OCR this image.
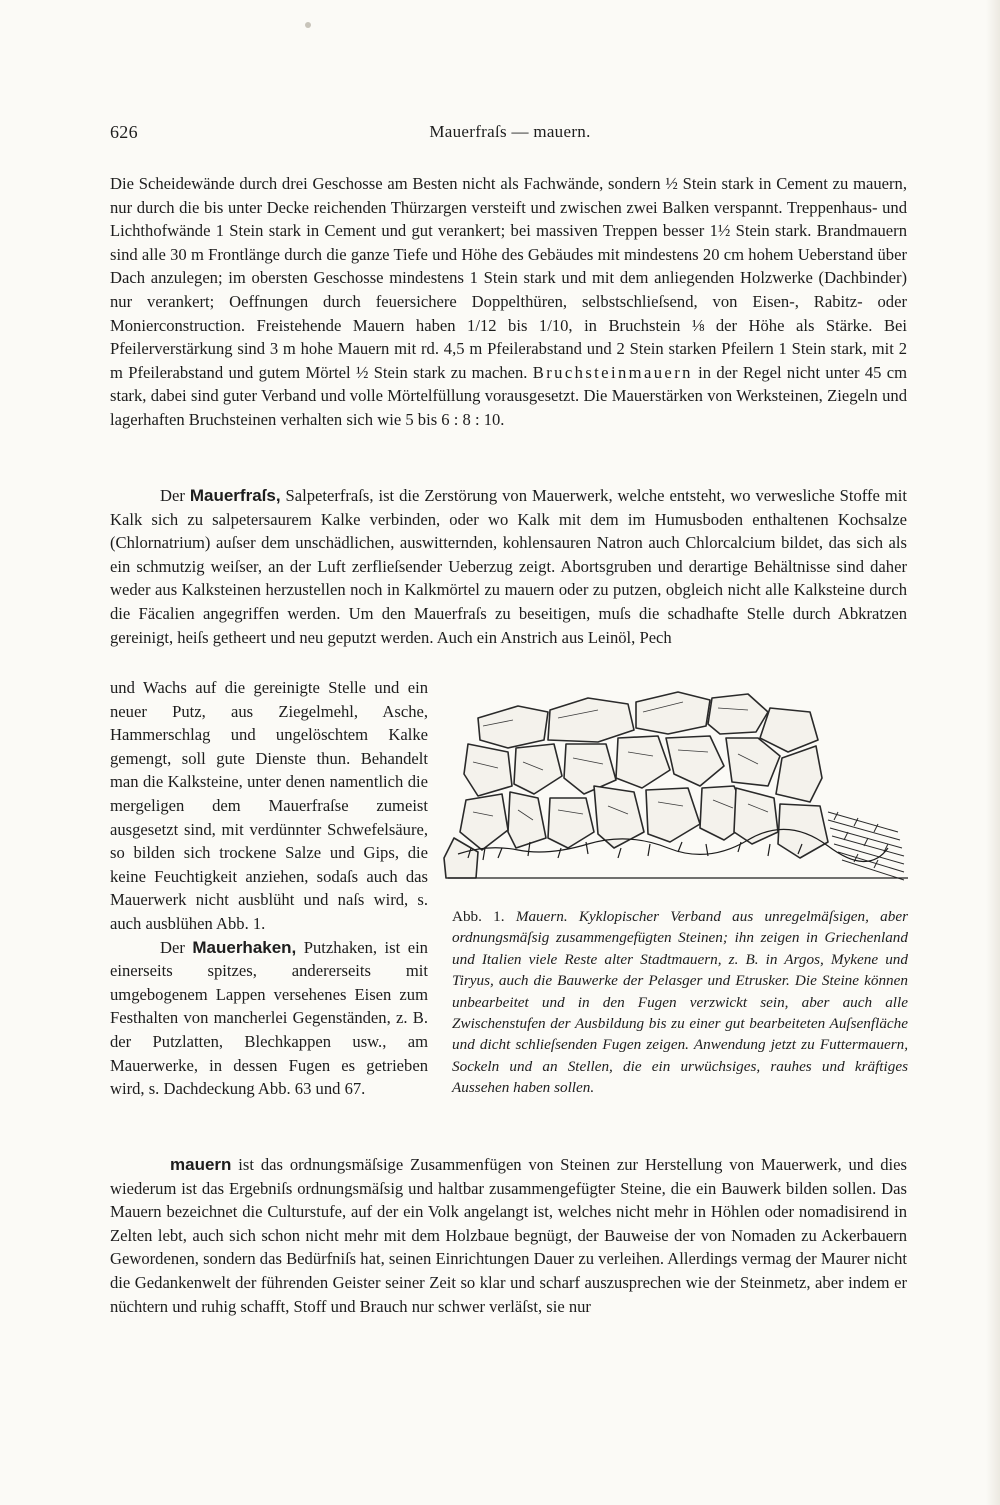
626	Mauerfraſs — mauern.

Die Scheidewände durch drei Geschosse am Besten nicht als Fachwände, sondern ½ Stein stark in Cement zu mauern, nur durch die bis unter Decke reichenden Thürzargen versteift und zwischen zwei Balken verspannt. Treppenhaus- und Lichthofwände 1 Stein stark in Cement und gut verankert; bei massiven Treppen besser 1½ Stein stark. Brandmauern sind alle 30 m Frontlänge durch die ganze Tiefe und Höhe des Gebäudes mit mindestens 20 cm hohem Ueberstand über Dach anzulegen; im obersten Geschosse mindestens 1 Stein stark und mit dem anliegenden Holzwerke (Dachbinder) nur verankert; Oeffnungen durch feuersichere Doppelthüren, selbstschlieſsend, von Eisen-, Rabitz- oder Monierconstruction. Freistehende Mauern haben 1/12 bis 1/10, in Bruchstein ⅛ der Höhe als Stärke. Bei Pfeilerverstärkung sind 3 m hohe Mauern mit rd. 4,5 m Pfeilerabstand und 2 Stein starken Pfeilern 1 Stein stark, mit 2 m Pfeilerabstand und gutem Mörtel ½ Stein stark zu machen. Bruchsteinmauern in der Regel nicht unter 45 cm stark, dabei sind guter Verband und volle Mörtelfüllung vorausgesetzt. Die Mauerstärken von Werksteinen, Ziegeln und lagerhaften Bruchsteinen verhalten sich wie 5 bis 6 : 8 : 10.

Der Mauerfraſs, Salpeterfraſs, ist die Zerstörung von Mauerwerk, welche entsteht, wo verwesliche Stoffe mit Kalk sich zu salpetersaurem Kalke verbinden, oder wo Kalk mit dem im Humusboden enthaltenen Kochsalze (Chlornatrium) auſser dem unschädlichen, auswitternden, kohlensauren Natron auch Chlorcalcium bildet, das sich als ein schmutzig weiſser, an der Luft zerflieſsender Ueberzug zeigt. Abortsgruben und derartige Behältnisse sind daher weder aus Kalksteinen herzustellen noch in Kalkmörtel zu mauern oder zu putzen, obgleich nicht alle Kalksteine durch die Fäcalien angegriffen werden. Um den Mauerfraſs zu beseitigen, muſs die schadhafte Stelle durch Abkratzen gereinigt, heiſs getheert und neu geputzt werden. Auch ein Anstrich aus Leinöl, Pech

und Wachs auf die gereinigte Stelle und ein neuer Putz, aus Ziegelmehl, Asche, Hammerschlag und ungelöschtem Kalke gemengt, soll gute Dienste thun. Behandelt man die Kalksteine, unter denen namentlich die mergeligen dem Mauerfraſse zumeist ausgesetzt sind, mit verdünnter Schwefelsäure, so bilden sich trockene Salze und Gips, die keine Feuchtigkeit anziehen, sodaſs auch das Mauerwerk nicht ausblüht und naſs wird, s. auch ausblühen Abb. 1.

Der Mauerhaken, Putzhaken, ist ein einerseits spitzes, andererseits mit umgebogenem Lappen versehenes Eisen zum Festhalten von mancherlei Gegenständen, z. B. der Putzlatten, Blechkappen usw., am Mauerwerke, in dessen Fugen es getrieben wird, s. Dachdeckung Abb. 63 und 67.

Abb. 1. Mauern. Kyklopischer Verband aus unregelmäſsigen, aber ordnungsmäſsig zusammengefügten Steinen; ihn zeigen in Griechenland und Italien viele Reste alter Stadtmauern, z. B. in Argos, Mykene und Tiryus, auch die Bauwerke der Pelasger und Etrusker. Die Steine können unbearbeitet und in den Fugen verzwickt sein, aber auch alle Zwischenstufen der Ausbildung bis zu einer gut bearbeiteten Auſsenfläche und dicht schlieſsenden Fugen zeigen. Anwendung jetzt zu Futtermauern, Sockeln und an Stellen, die ein urwüchsiges, rauhes und kräftiges Aussehen haben sollen.

mauern ist das ordnungsmäſsige Zusammenfügen von Steinen zur Herstellung von Mauerwerk, und dies wiederum ist das Ergebniſs ordnungsmäſsig und haltbar zusammengefügter Steine, die ein Bauwerk bilden sollen. Das Mauern bezeichnet die Culturstufe, auf der ein Volk angelangt ist, welches nicht mehr in Höhlen oder nomadisirend in Zelten lebt, auch sich schon nicht mehr mit dem Holzbaue begnügt, der Bauweise der von Nomaden zu Ackerbauern Gewordenen, sondern das Bedürfniſs hat, seinen Einrichtungen Dauer zu verleihen. Allerdings vermag der Maurer nicht die Gedankenwelt der führenden Geister seiner Zeit so klar und scharf auszusprechen wie der Steinmetz, aber indem er nüchtern und ruhig schafft, Stoff und Brauch nur schwer verläſst, sie nur
